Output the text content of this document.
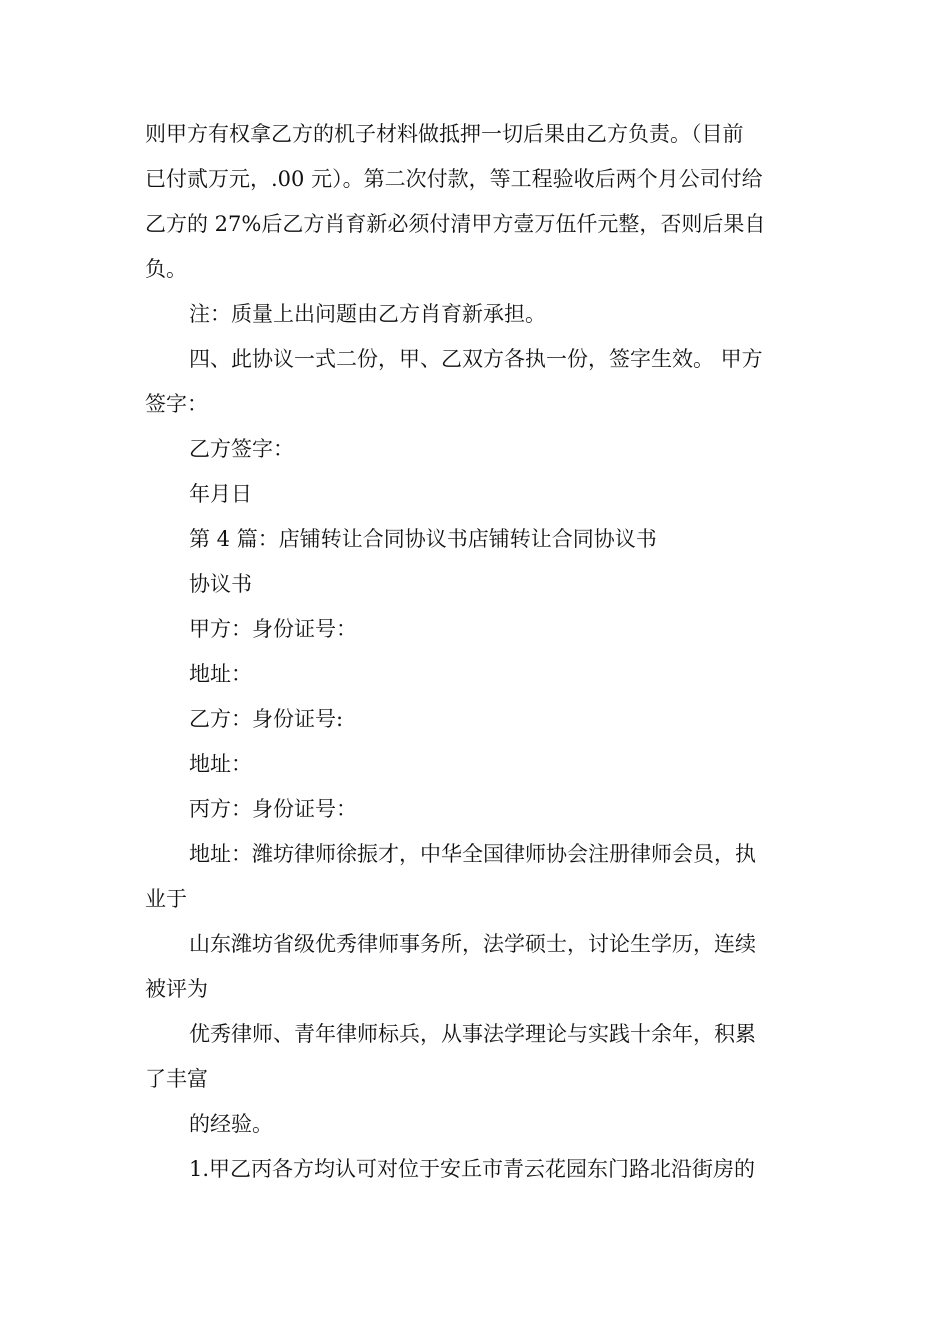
则甲方有权拿乙方的机子材料做抵押一切后果由乙方负责。（目前

已付贰万元，.00 元）。第二次付款，等工程验收后两个月公司付给

乙方的 27%后乙方肖育新必须付清甲方壹万伍仟元整，否则后果自

负。

注：质量上出问题由乙方肖育新承担。

四、此协议一式二份，甲、乙双方各执一份，签字生效。 甲方

签字：

乙方签字：

年月日

第 4 篇：店铺转让合同协议书店铺转让合同协议书

协议书

甲方：身份证号：

地址：

乙方：身份证号:

地址：

丙方：身份证号：

地址：潍坊律师徐振才，中华全国律师协会注册律师会员，执

业于

山东潍坊省级优秀律师事务所，法学硕士，讨论生学历，连续

被评为

优秀律师、青年律师标兵，从事法学理论与实践十余年，积累

了丰富

的经验。

1.甲乙丙各方均认可对位于安丘市青云花园东门路北沿街房的
